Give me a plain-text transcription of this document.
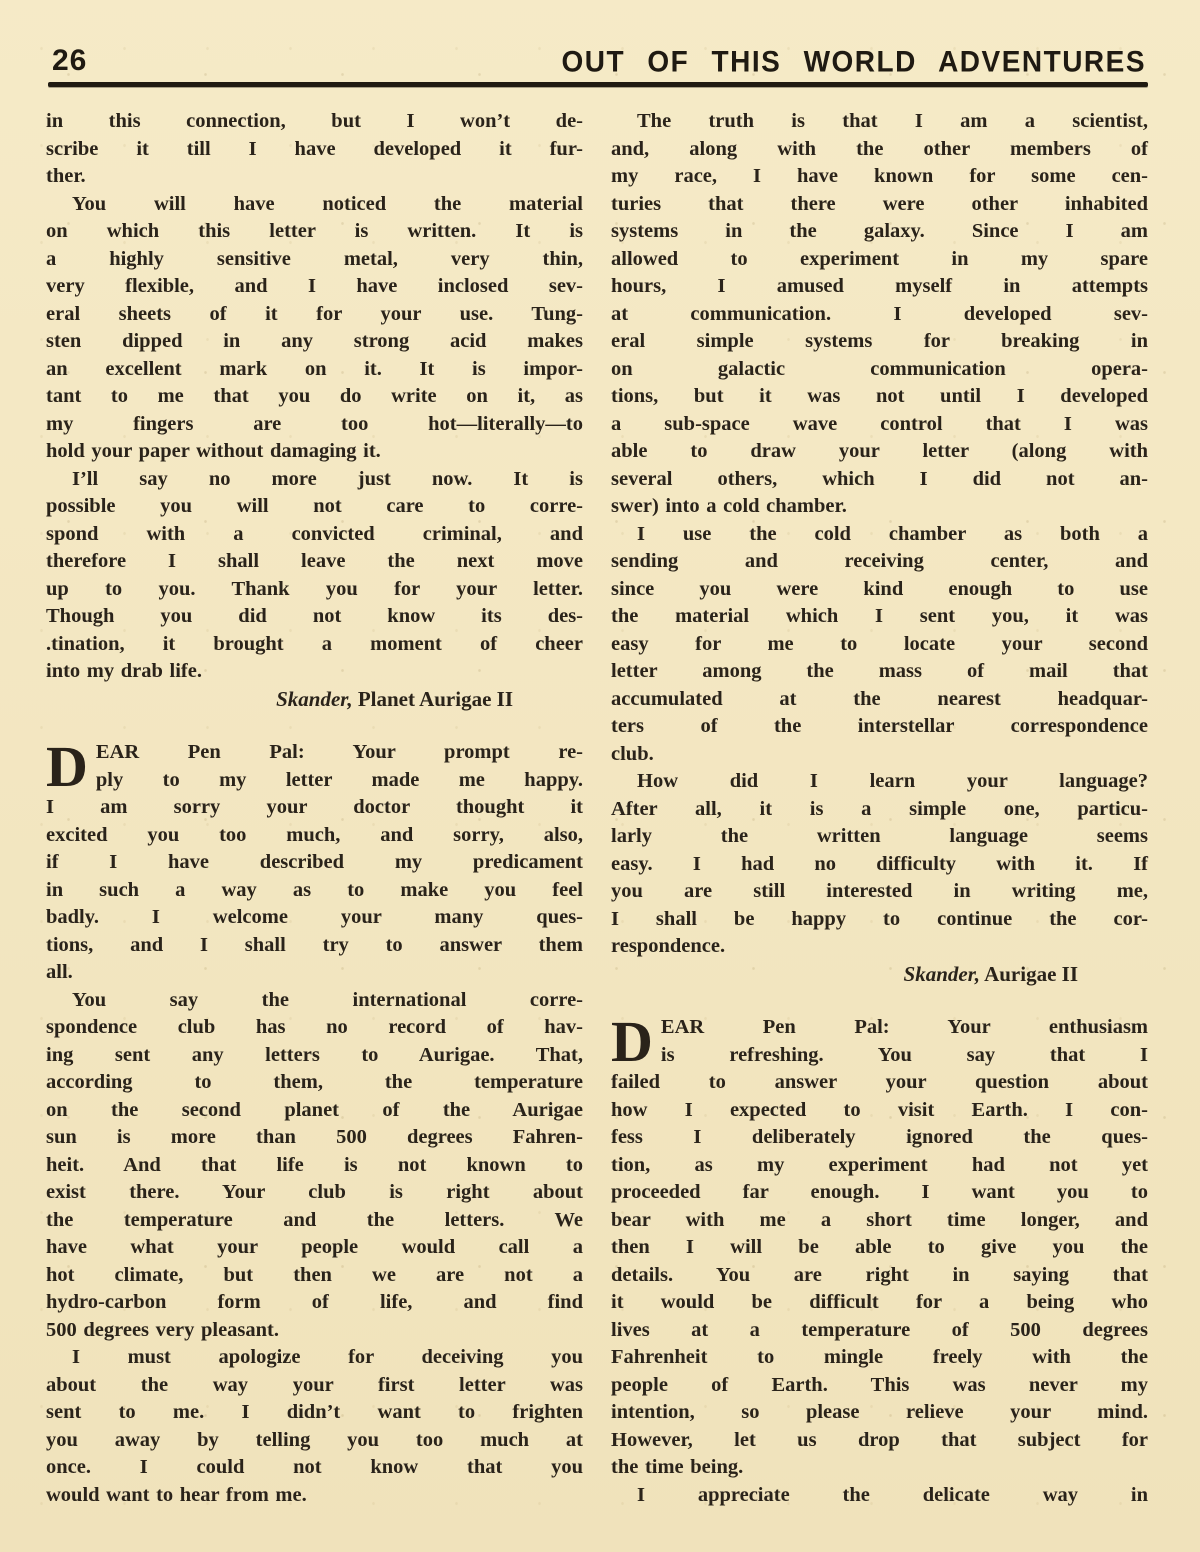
26	OUT OF THIS WORLD ADVENTURES
in this connection, but I won’t de-
scribe it till I have developed it fur-
ther.
You will have noticed the material
on which this letter is written. It is
a highly sensitive metal, very thin,
very flexible, and I have inclosed sev-
eral sheets of it for your use. Tung-
sten dipped in any strong acid makes
an excellent mark on it. It is impor-
tant to me that you do write on it, as
my fingers are too hot—literally—to
hold your paper without damaging it.
I’ll say no more just now. It is
possible you will not care to corre-
spond with a convicted criminal, and
therefore I shall leave the next move
up to you. Thank you for your letter.
Though you did not know its des-
.tination, it brought a moment of cheer
into my drab life.
Skander, Planet Aurigae II
DEAR Pen Pal: Your prompt re-
ply to my letter made me happy.
I am sorry your doctor thought it
excited you too much, and sorry, also,
if I have described my predicament
in such a way as to make you feel
badly. I welcome your many ques-
tions, and I shall try to answer them
all.
You say the international corre-
spondence club has no record of hav-
ing sent any letters to Aurigae. That,
according to them, the temperature
on the second planet of the Aurigae
sun is more than 500 degrees Fahren-
heit. And that life is not known to
exist there. Your club is right about
the temperature and the letters. We
have what your people would call a
hot climate, but then we are not a
hydro-carbon form of life, and find
500 degrees very pleasant.
I must apologize for deceiving you
about the way your first letter was
sent to me. I didn’t want to frighten
you away by telling you too much at
once. I could not know that you
would want to hear from me.
The truth is that I am a scientist,
and, along with the other members of
my race, I have known for some cen-
turies that there were other inhabited
systems in the galaxy. Since I am
allowed to experiment in my spare
hours, I amused myself in attempts
at communication. I developed sev-
eral simple systems for breaking in
on galactic communication opera-
tions, but it was not until I developed
a sub-space wave control that I was
able to draw your letter (along with
several others, which I did not an-
swer) into a cold chamber.
I use the cold chamber as both a
sending and receiving center, and
since you were kind enough to use
the material which I sent you, it was
easy for me to locate your second
letter among the mass of mail that
accumulated at the nearest headquar-
ters of the interstellar correspondence
club.
How did I learn your language?
After all, it is a simple one, particu-
larly the written language seems
easy. I had no difficulty with it. If
you are still interested in writing me,
I shall be happy to continue the cor-
respondence.
Skander, Aurigae II
DEAR Pen Pal: Your enthusiasm
is refreshing. You say that I
failed to answer your question about
how I expected to visit Earth. I con-
fess I deliberately ignored the ques-
tion, as my experiment had not yet
proceeded far enough. I want you to
bear with me a short time longer, and
then I will be able to give you the
details. You are right in saying that
it would be difficult for a being who
lives at a temperature of 500 degrees
Fahrenheit to mingle freely with the
people of Earth. This was never my
intention, so please relieve your mind.
However, let us drop that subject for
the time being.
I appreciate the delicate way in
